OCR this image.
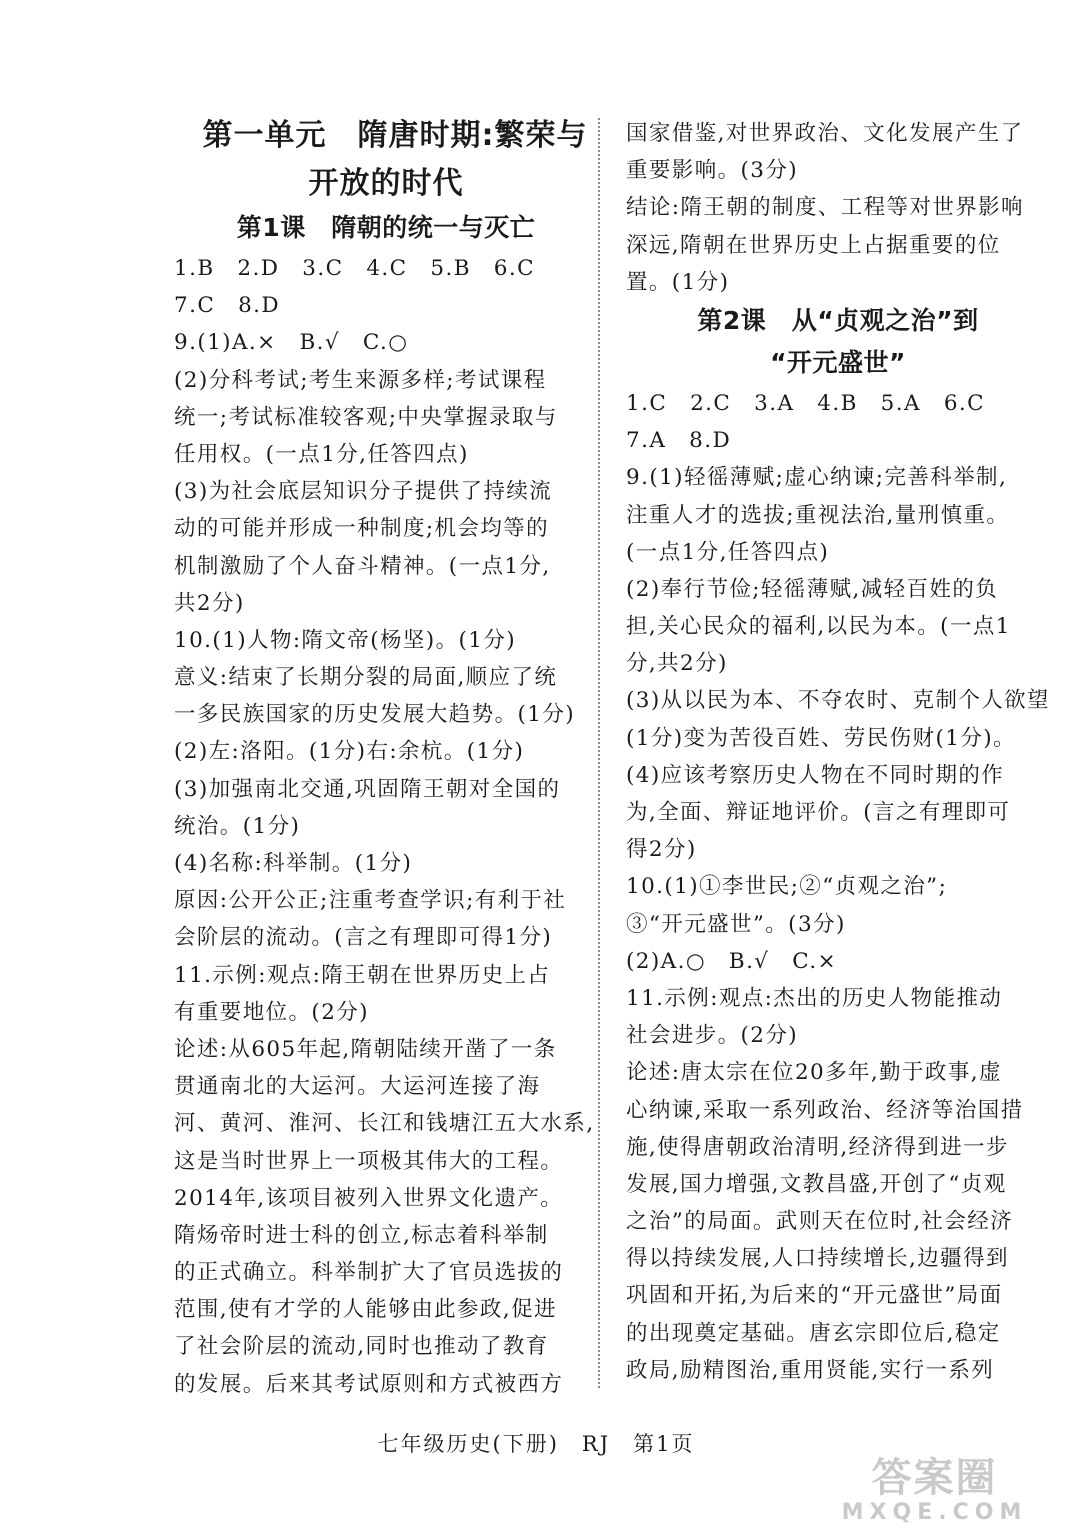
第一单元　隋唐时期:繁荣与
开放的时代
第1课　隋朝的统一与灭亡
1.B　2.D　3.C　4.C　5.B　6.C
7.C　8.D
9.(1)A.×　B.√　C.○
(2)分科考试;考生来源多样;考试课程
统一;考试标准较客观;中央掌握录取与
任用权。(一点1分,任答四点)
(3)为社会底层知识分子提供了持续流
动的可能并形成一种制度;机会均等的
机制激励了个人奋斗精神。(一点1分,
共2分)
10.(1)人物:隋文帝(杨坚)。(1分)
意义:结束了长期分裂的局面,顺应了统
一多民族国家的历史发展大趋势。(1分)
(2)左:洛阳。(1分)右:余杭。(1分)
(3)加强南北交通,巩固隋王朝对全国的
统治。(1分)
(4)名称:科举制。(1分)
原因:公开公正;注重考查学识;有利于社
会阶层的流动。(言之有理即可得1分)
11.示例:观点:隋王朝在世界历史上占
有重要地位。(2分)
论述:从605年起,隋朝陆续开凿了一条
贯通南北的大运河。大运河连接了海
河、黄河、淮河、长江和钱塘江五大水系,
这是当时世界上一项极其伟大的工程。
2014年,该项目被列入世界文化遗产。
隋炀帝时进士科的创立,标志着科举制
的正式确立。科举制扩大了官员选拔的
范围,使有才学的人能够由此参政,促进
了社会阶层的流动,同时也推动了教育
的发展。后来其考试原则和方式被西方
国家借鉴,对世界政治、文化发展产生了
重要影响。(3分)
结论:隋王朝的制度、工程等对世界影响
深远,隋朝在世界历史上占据重要的位
置。(1分)
第2课　从“贞观之治”到
“开元盛世”
1.C　2.C　3.A　4.B　5.A　6.C
7.A　8.D
9.(1)轻徭薄赋;虚心纳谏;完善科举制,
注重人才的选拔;重视法治,量刑慎重。
(一点1分,任答四点)
(2)奉行节俭;轻徭薄赋,减轻百姓的负
担,关心民众的福利,以民为本。(一点1
分,共2分)
(3)从以民为本、不夺农时、克制个人欲望
(1分)变为苦役百姓、劳民伤财(1分)。
(4)应该考察历史人物在不同时期的作
为,全面、辩证地评价。(言之有理即可
得2分)
10.(1)①李世民;②“贞观之治”;
③“开元盛世”。(3分)
(2)A.○　B.√　C.×
11.示例:观点:杰出的历史人物能推动
社会进步。(2分)
论述:唐太宗在位20多年,勤于政事,虚
心纳谏,采取一系列政治、经济等治国措
施,使得唐朝政治清明,经济得到进一步
发展,国力增强,文教昌盛,开创了“贞观
之治”的局面。武则天在位时,社会经济
得以持续发展,人口持续增长,边疆得到
巩固和开拓,为后来的“开元盛世”局面
的出现奠定基础。唐玄宗即位后,稳定
政局,励精图治,重用贤能,实行一系列
七年级历史(下册)　RJ　第1页
答案圈
MXQE.COM
